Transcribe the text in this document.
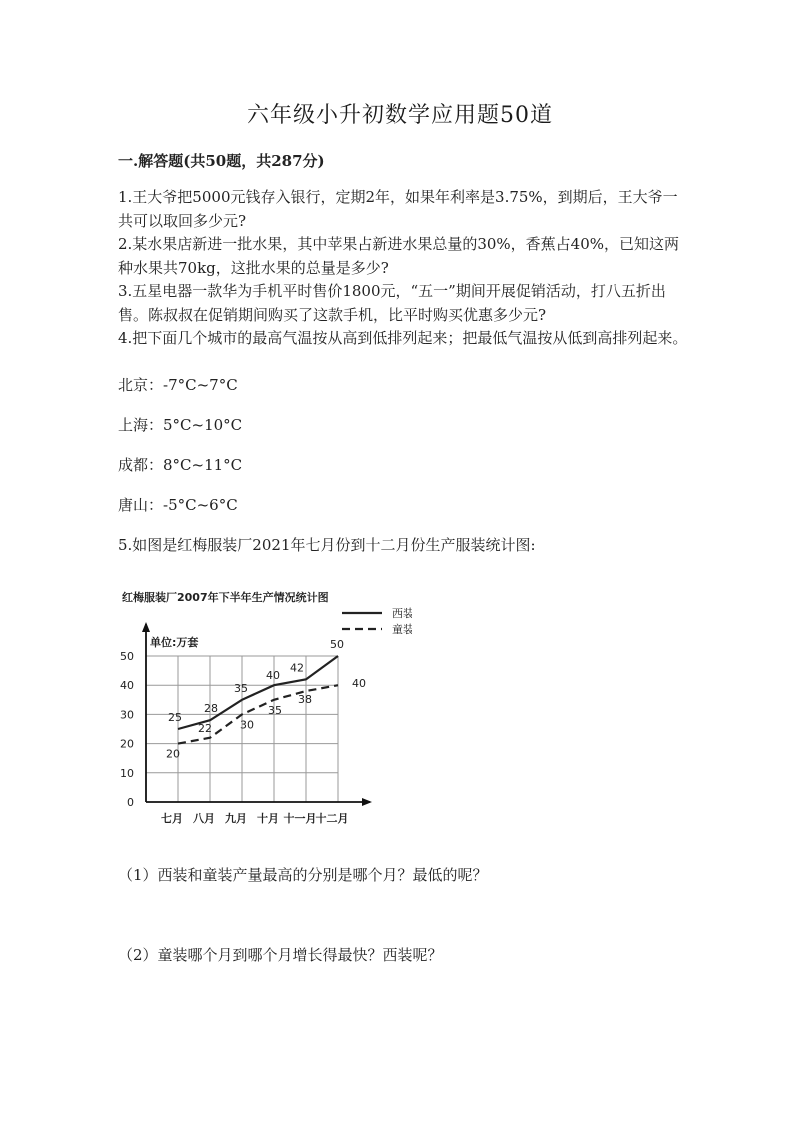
六年级小升初数学应用题50道
一.解答题(共50题，共287分)

1.王大爷把5000元钱存入银行，定期2年，如果年利率是3.75%，到期后，王大爷一共可以取回多少元?

2.某水果店新进一批水果，其中苹果占新进水果总量的30%，香蕉占40%，已知这两种水果共70kg，这批水果的总量是多少?

3.五星电器一款华为手机平时售价1800元，“五一”期间开展促销活动，打八五折出售。陈叔叔在促销期间购买了这款手机，比平时购买优惠多少元?

4.把下面几个城市的最高气温按从高到低排列起来；把最低气温按从低到高排列起来。

北京：-7°C~7°C
上海：5°C~10°C
成都：8°C~11°C
唐山：-5°C~6°C
5.如图是红梅服装厂2021年七月份到十二月份生产服装统计图:
红梅服装厂2007年下半年生产情况统计图
单位:万套
0
10
20
30
40
50
七月 八月 九月 十月 十一月 十二月
25
28
35
40
42
50
20
22	30
35
38
40
西装
童装
（1）西装和童装产量最高的分别是哪个月？最低的呢？
（2）童装哪个月到哪个月增长得最快？西装呢？
